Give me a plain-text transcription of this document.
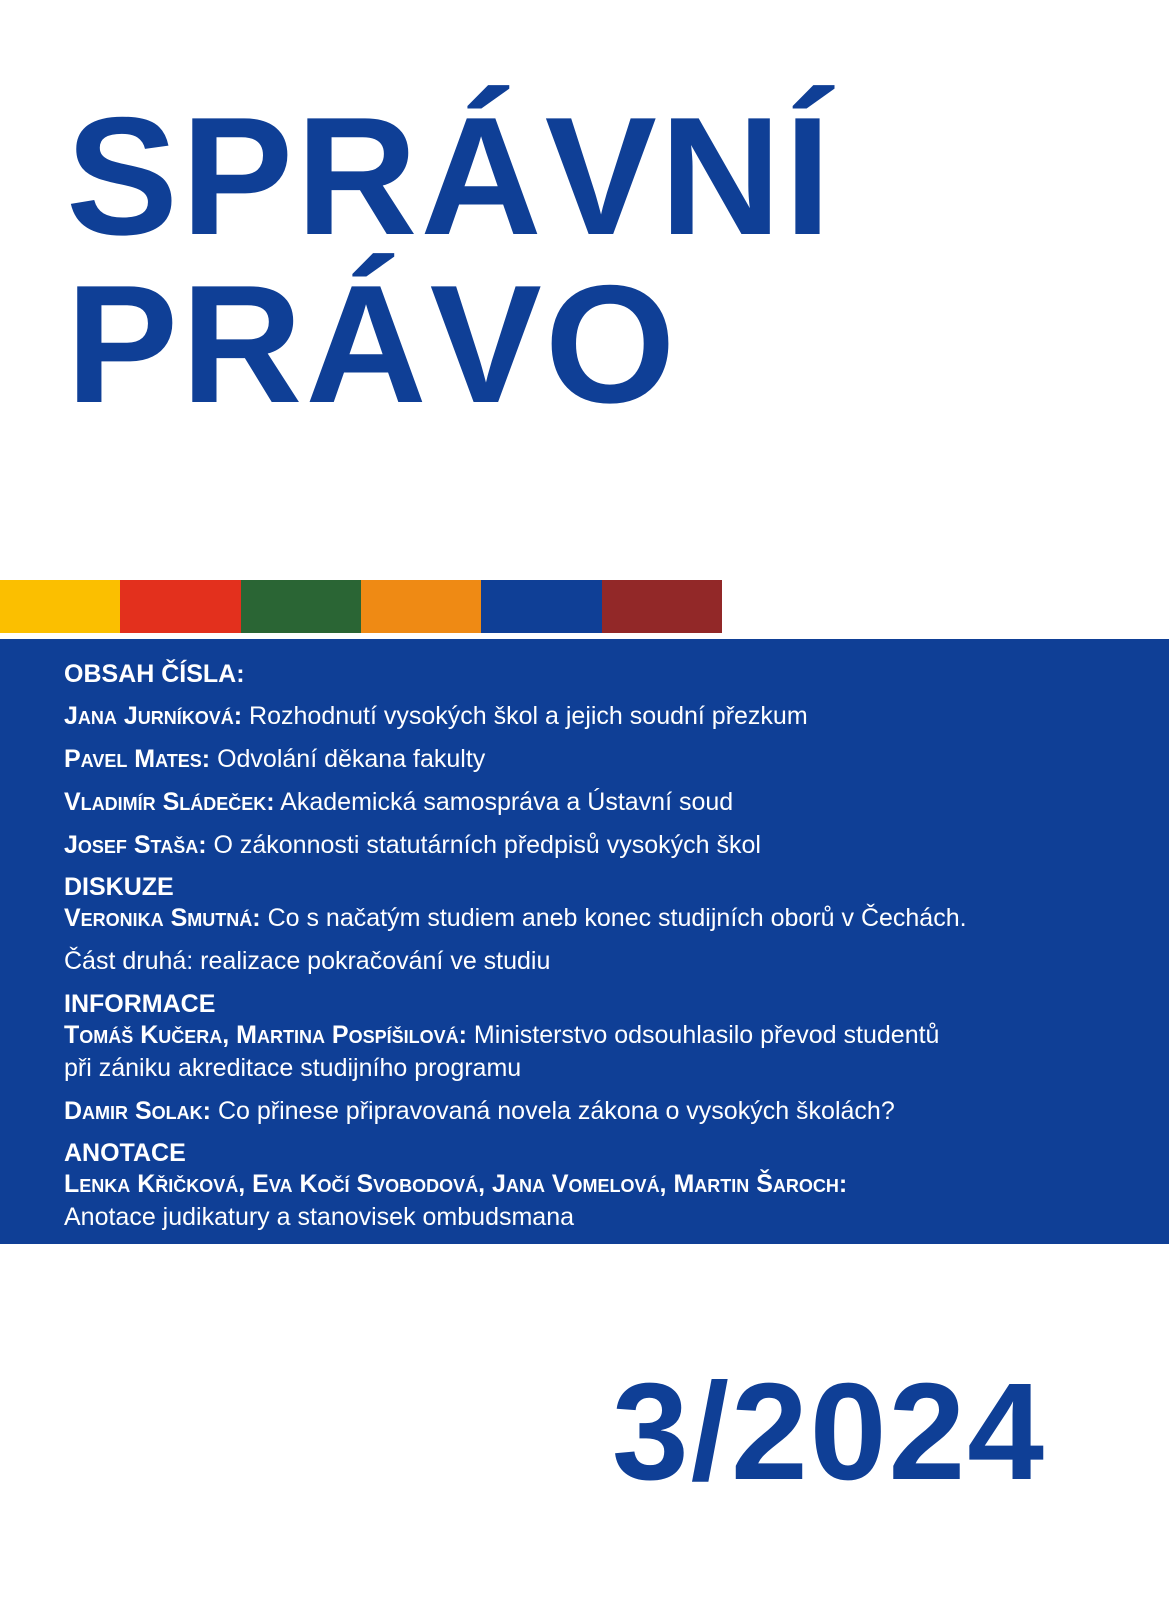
SPRÁVNÍ
PRÁVO
OBSAH ČÍSLA:
Jana Jurníková: Rozhodnutí vysokých škol a jejich soudní přezkum
Pavel Mates: Odvolání děkana fakulty
Vladimír Sládeček: Akademická samospráva a Ústavní soud
Josef Staša: O zákonnosti statutárních předpisů vysokých škol
DISKUZE
Veronika Smutná: Co s načatým studiem aneb konec studijních oborů v Čechách.
Část druhá: realizace pokračování ve studiu
INFORMACE
Tomáš Kučera, Martina Pospíšilová: Ministerstvo odsouhlasilo převod studentů
při zániku akreditace studijního programu
Damir Solak: Co přinese připravovaná novela zákona o vysokých školách?
ANOTACE
Lenka Křičková, Eva Kočí Svobodová, Jana Vomelová, Martin Šaroch:
Anotace judikatury a stanovisek ombudsmana
3/2024
